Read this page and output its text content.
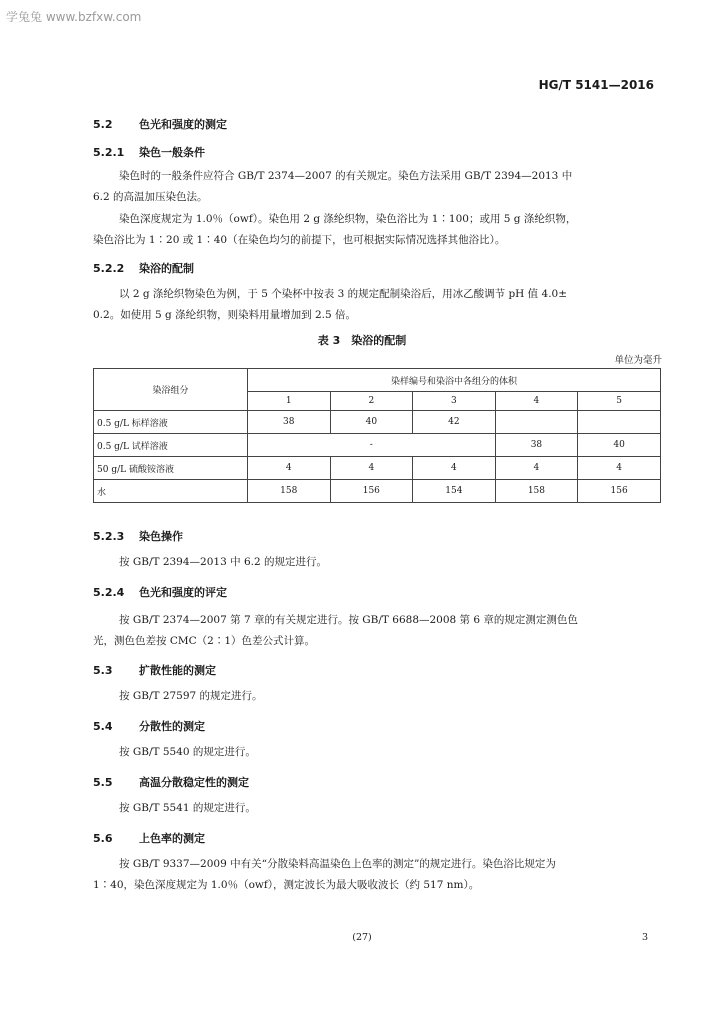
学兔兔 www.bzfxw.com
HG/T 5141—2016
5.2 色光和强度的测定
5.2.1 染色一般条件
染色时的一般条件应符合 GB/T 2374—2007 的有关规定。染色方法采用 GB/T 2394—2013 中
6.2 的高温加压染色法。
染色深度规定为 1.0％（owf）。染色用 2 g 涤纶织物，染色浴比为 1∶100；或用 5 g 涤纶织物，
染色浴比为 1∶20 或 1∶40（在染色均匀的前提下，也可根据实际情况选择其他浴比）。
5.2.2 染浴的配制
以 2 g 涤纶织物染色为例，于 5 个染杯中按表 3 的规定配制染浴后，用冰乙酸调节 pH 值 4.0±
0.2。如使用 5 g 涤纶织物，则染料用量增加到 2.5 倍。
表 3　染浴的配制
单位为毫升
染浴组分	染样编号和染浴中各组分的体积				
	1	2	3	4	5
0.5 g/L 标样溶液	38	40	42		
0.5 g/L 试样溶液		-		38	40
50 g/L 硫酸铵溶液	4	4	4	4	4
水	158	156	154	158	156
5.2.3 染色操作
按 GB/T 2394—2013 中 6.2 的规定进行。
5.2.4 色光和强度的评定
按 GB/T 2374—2007 第 7 章的有关规定进行。按 GB/T 6688—2008 第 6 章的规定测定测色色
光，测色色差按 CMC（2∶1）色差公式计算。
5.3 扩散性能的测定
按 GB/T 27597 的规定进行。
5.4 分散性的测定
按 GB/T 5540 的规定进行。
5.5 高温分散稳定性的测定
按 GB/T 5541 的规定进行。
5.6 上色率的测定
按 GB/T 9337—2009 中有关“分散染料高温染色上色率的测定”的规定进行。染色浴比规定为
1∶40，染色深度规定为 1.0％（owf），测定波长为最大吸收波长（约 517 nm）。
(27)	3
